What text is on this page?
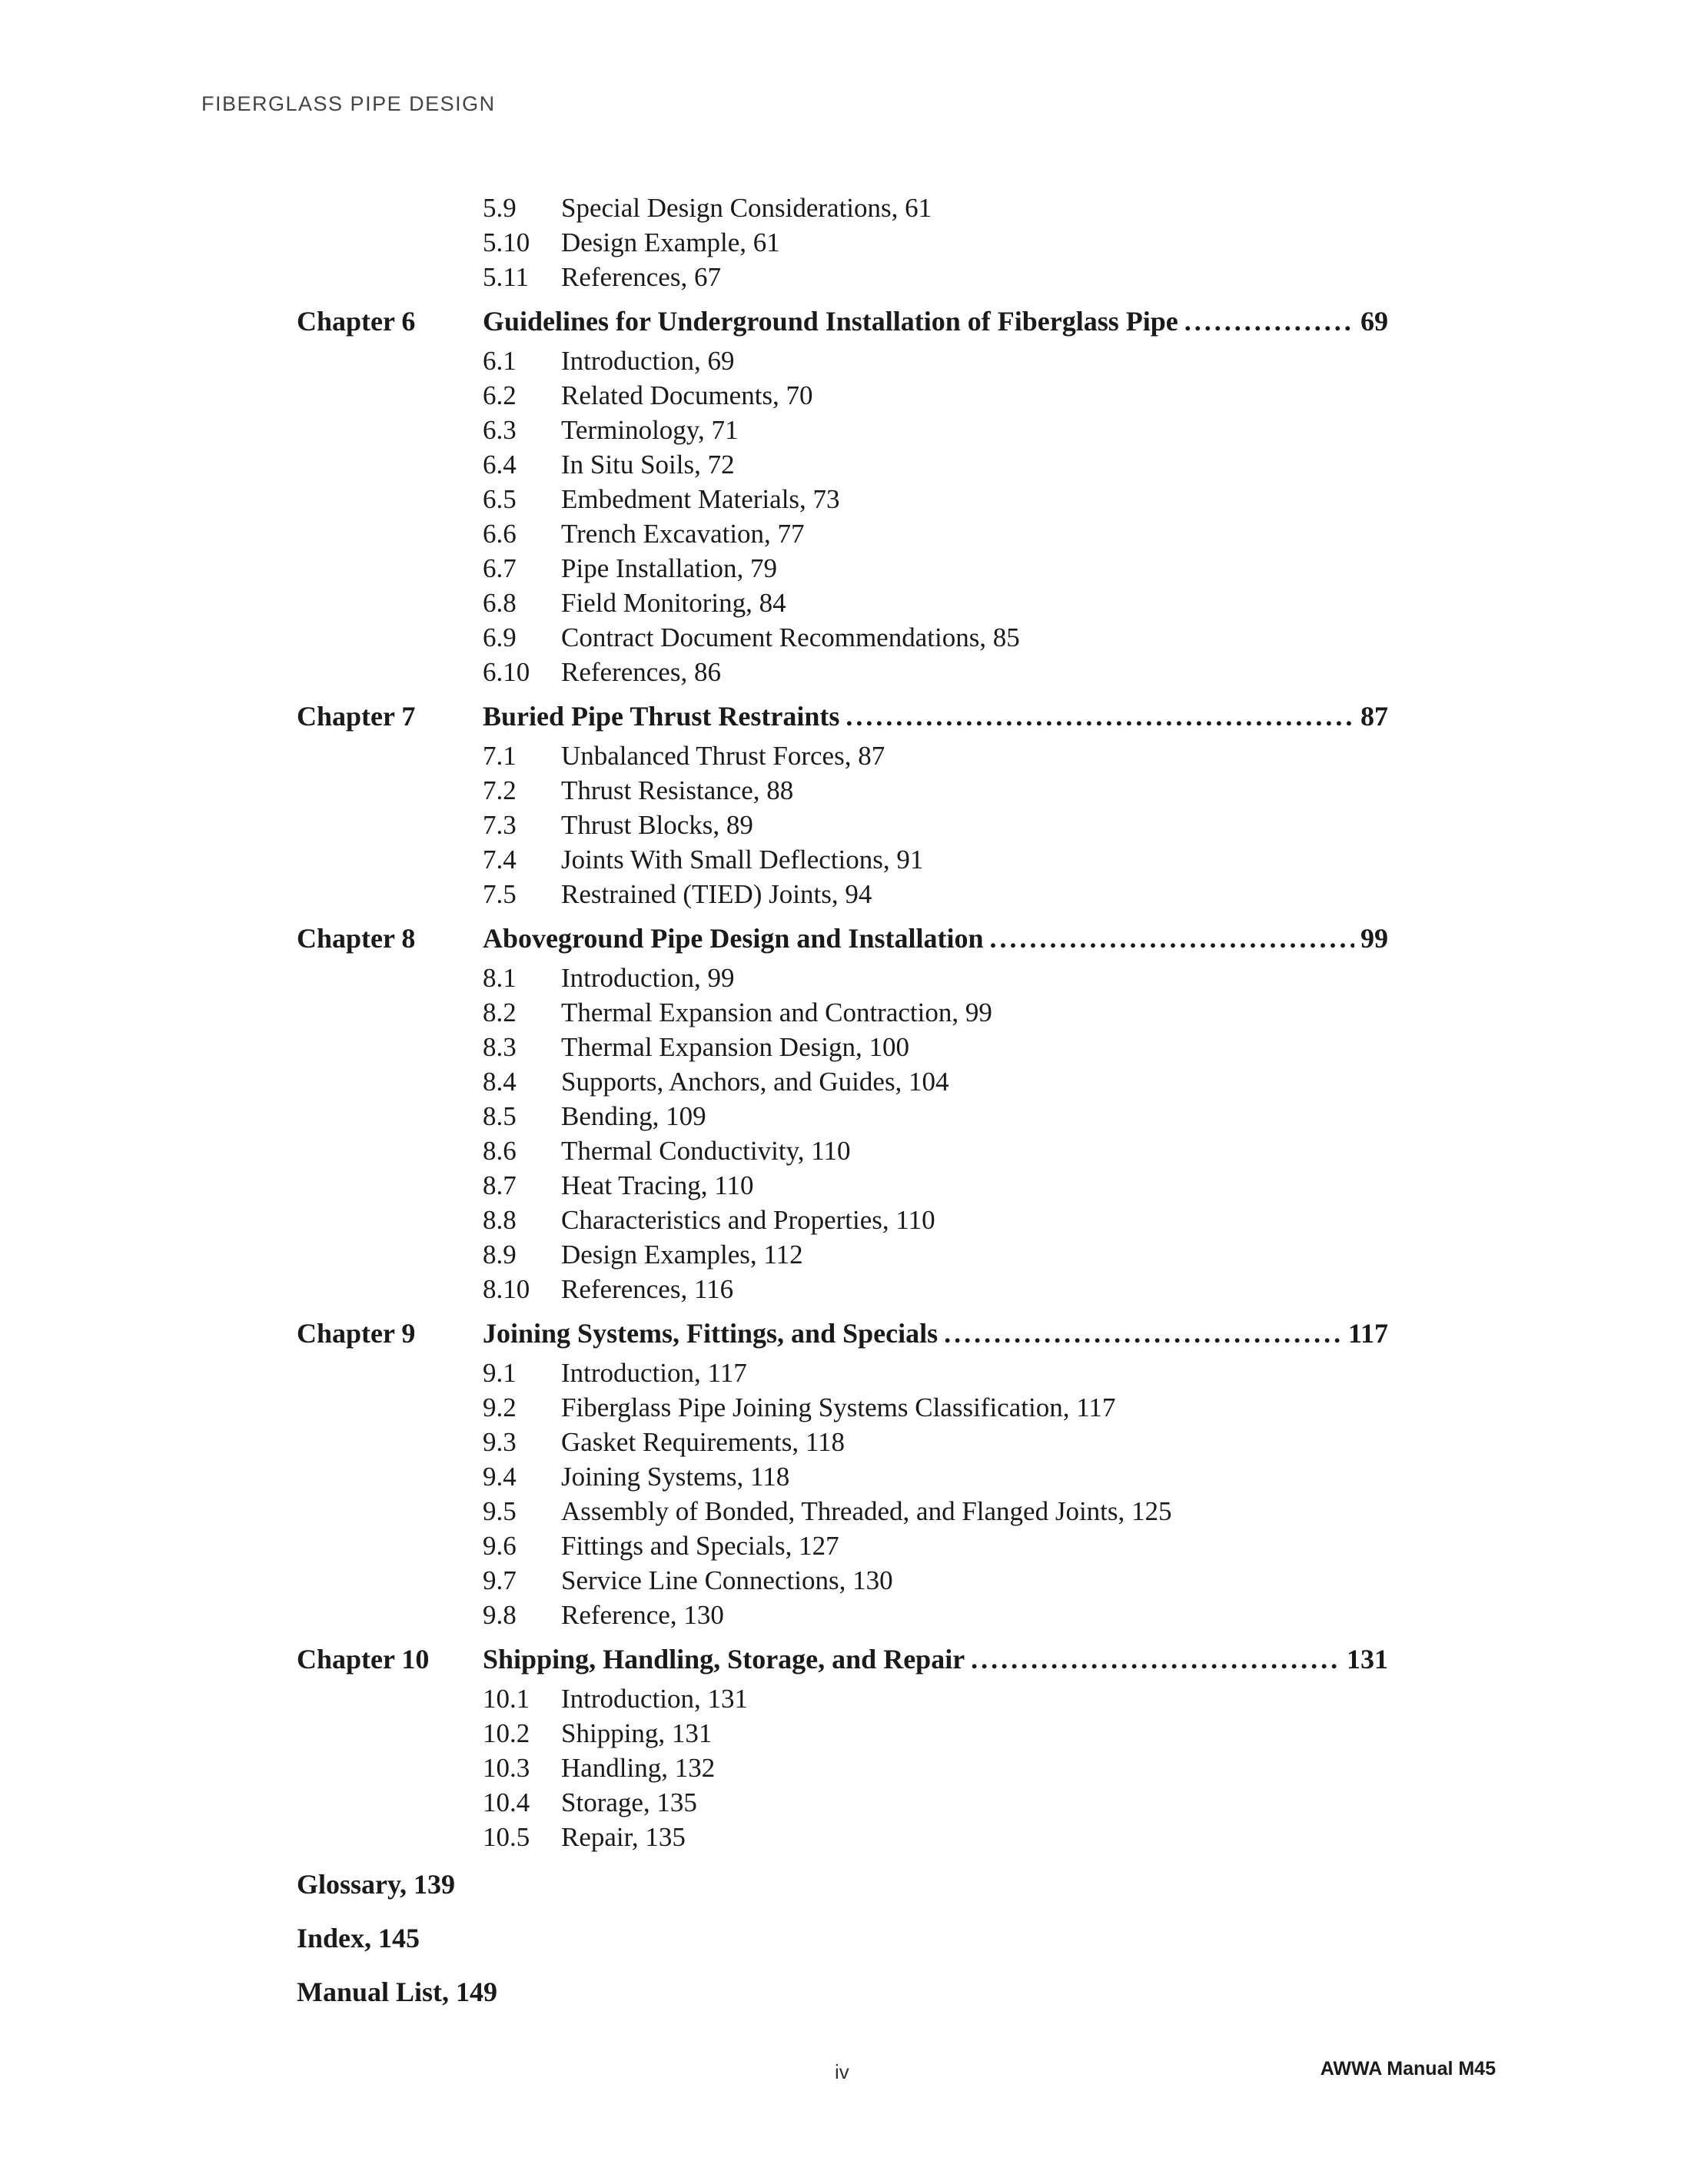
FIBERGLASS PIPE DESIGN
5.9 Special Design Considerations, 61
5.10 Design Example, 61
5.11 References, 67
Chapter 6 Guidelines for Underground Installation of Fiberglass Pipe .....	69
6.1 Introduction, 69
6.2 Related Documents, 70
6.3 Terminology, 71
6.4 In Situ Soils, 72
6.5 Embedment Materials, 73
6.6 Trench Excavation, 77
6.7 Pipe Installation, 79
6.8 Field Monitoring, 84
6.9 Contract Document Recommendations, 85
6.10 References, 86
Chapter 7 Buried Pipe Thrust Restraints .....	87
7.1 Unbalanced Thrust Forces, 87
7.2 Thrust Resistance, 88
7.3 Thrust Blocks, 89
7.4 Joints With Small Deflections, 91
7.5 Restrained (TIED) Joints, 94
Chapter 8 Aboveground Pipe Design and Installation .....	99
8.1 Introduction, 99
8.2 Thermal Expansion and Contraction, 99
8.3 Thermal Expansion Design, 100
8.4 Supports, Anchors, and Guides, 104
8.5 Bending, 109
8.6 Thermal Conductivity, 110
8.7 Heat Tracing, 110
8.8 Characteristics and Properties, 110
8.9 Design Examples, 112
8.10 References, 116
Chapter 9 Joining Systems, Fittings, and Specials .....	117
9.1 Introduction, 117
9.2 Fiberglass Pipe Joining Systems Classification, 117
9.3 Gasket Requirements, 118
9.4 Joining Systems, 118
9.5 Assembly of Bonded, Threaded, and Flanged Joints, 125
9.6 Fittings and Specials, 127
9.7 Service Line Connections, 130
9.8 Reference, 130
Chapter 10 Shipping, Handling, Storage, and Repair .....	131
10.1 Introduction, 131
10.2 Shipping, 131
10.3 Handling, 132
10.4 Storage, 135
10.5 Repair, 135
Glossary, 139
Index, 145
Manual List, 149
iv	AWWA Manual M45
